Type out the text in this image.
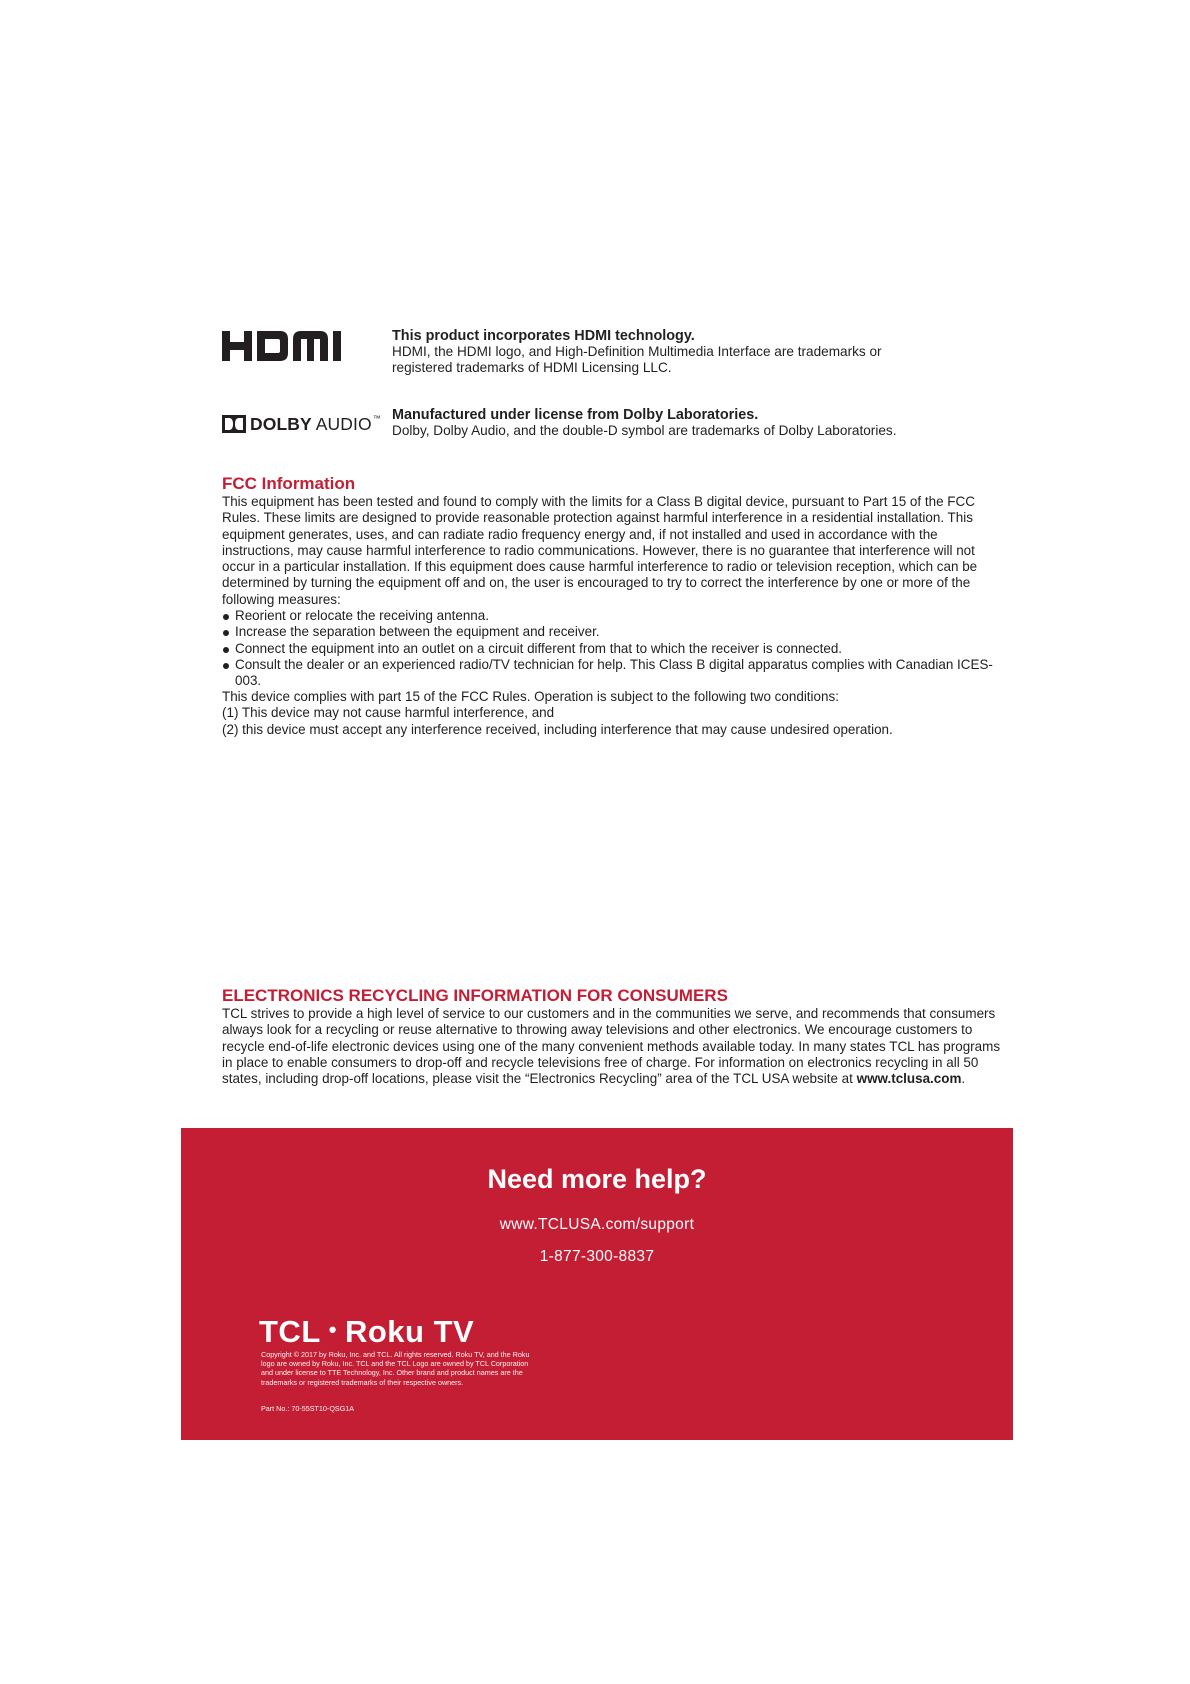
This product incorporates HDMI technology.
HDMI, the HDMI logo, and High-Definition Multimedia Interface are trademarks or registered trademarks of HDMI Licensing LLC.
DOLBY AUDIO™ Manufactured under license from Dolby Laboratories.
Dolby, Dolby Audio, and the double-D symbol are trademarks of Dolby Laboratories.
FCC Information

This equipment has been tested and found to comply with the limits for a Class B digital device, pursuant to Part 15 of the FCC Rules. These limits are designed to provide reasonable protection against harmful interference in a residential installation. This equipment generates, uses, and can radiate radio frequency energy and, if not installed and used in accordance with the instructions, may cause harmful interference to radio communications. However, there is no guarantee that interference will not occur in a particular installation. If this equipment does cause harmful interference to radio or television reception, which can be determined by turning the equipment off and on, the user is encouraged to try to correct the interference by one or more of the following measures:

Reorient or relocate the receiving antenna.
Increase the separation between the equipment and receiver.
Connect the equipment into an outlet on a circuit different from that to which the receiver is connected.
Consult the dealer or an experienced radio/TV technician for help. This Class B digital apparatus complies with Canadian ICES-003.
This device complies with part 15 of the FCC Rules. Operation is subject to the following two conditions:
(1) This device may not cause harmful interference, and
(2) this device must accept any interference received, including interference that may cause undesired operation.
ELECTRONICS RECYCLING INFORMATION FOR CONSUMERS

TCL strives to provide a high level of service to our customers and in the communities we serve, and recommends that consumers always look for a recycling or reuse alternative to throwing away televisions and other electronics. We encourage customers to recycle end-of-life electronic devices using one of the many convenient methods available today. In many states TCL has programs in place to enable consumers to drop-off and recycle televisions free of charge. For information on electronics recycling in all 50 states, including drop-off locations, please visit the “Electronics Recycling” area of the TCL USA website at www.tclusa.com.

Need more help?
www.TCLUSA.com/support
1-877-300-8837
TCL • Roku TV

Copyright © 2017 by Roku, Inc. and TCL. All rights reserved. Roku TV, and the Roku logo are owned by Roku, Inc. TCL and the TCL Logo are owned by TCL Corporation and under license to TTE Technology, Inc. Other brand and product names are the trademarks or registered trademarks of their respective owners.

Part No.: 70-55ST10-QSG1A
